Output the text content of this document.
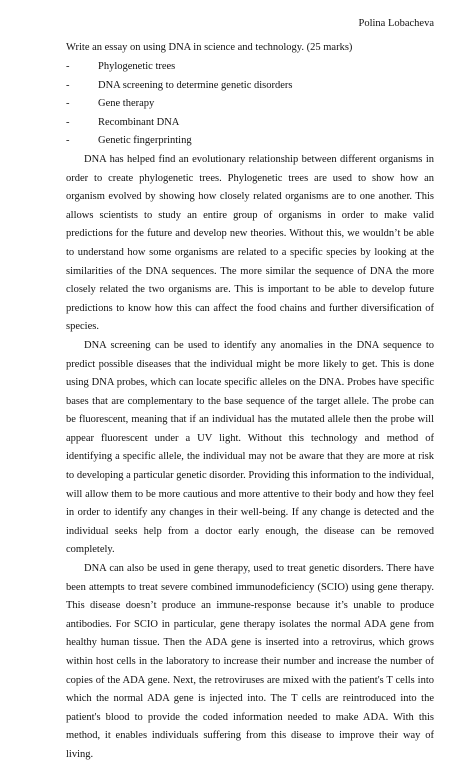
Polina Lobacheva
Write an essay on using DNA in science and technology. (25 marks)
-	Phylogenetic trees
-	DNA screening to determine genetic disorders
-	Gene therapy
-	Recombinant DNA
-	Genetic fingerprinting

DNA has helped find an evolutionary relationship between different organisms in order to create phylogenetic trees. Phylogenetic trees are used to show how an organism evolved by showing how closely related organisms are to one another. This allows scientists to study an entire group of organisms in order to make valid predictions for the future and develop new theories. Without this, we wouldn’t be able to understand how some organisms are related to a specific species by looking at the similarities of the DNA sequences. The more similar the sequence of DNA the more closely related the two organisms are. This is important to be able to develop future predictions to know how this can affect the food chains and further diversification of species.

DNA screening can be used to identify any anomalies in the DNA sequence to predict possible diseases that the individual might be more likely to get. This is done using DNA probes, which can locate specific alleles on the DNA. Probes have specific bases that are complementary to the base sequence of the target allele. The probe can be fluorescent, meaning that if an individual has the mutated allele then the probe will appear fluorescent under a UV light. Without this technology and method of identifying a specific allele, the individual may not be aware that they are more at risk to developing a particular genetic disorder. Providing this information to the individual, will allow them to be more cautious and more attentive to their body and how they feel in order to identify any changes in their well-being. If any change is detected and the individual seeks help from a doctor early enough, the disease can be removed completely.

DNA can also be used in gene therapy, used to treat genetic disorders. There have been attempts to treat severe combined immunodeficiency (SCIO) using gene therapy. This disease doesn’t produce an immune-response because it’s unable to produce antibodies. For SCIO in particular, gene therapy isolates the normal ADA gene from healthy human tissue. Then the ADA gene is inserted into a retrovirus, which grows within host cells in the laboratory to increase their number and increase the number of copies of the ADA gene. Next, the retroviruses are mixed with the patient's T cells into which the normal ADA gene is injected into. The T cells are reintroduced into the patient's blood to provide the coded information needed to make ADA. With this method, it enables individuals suffering from this disease to improve their way of living.
